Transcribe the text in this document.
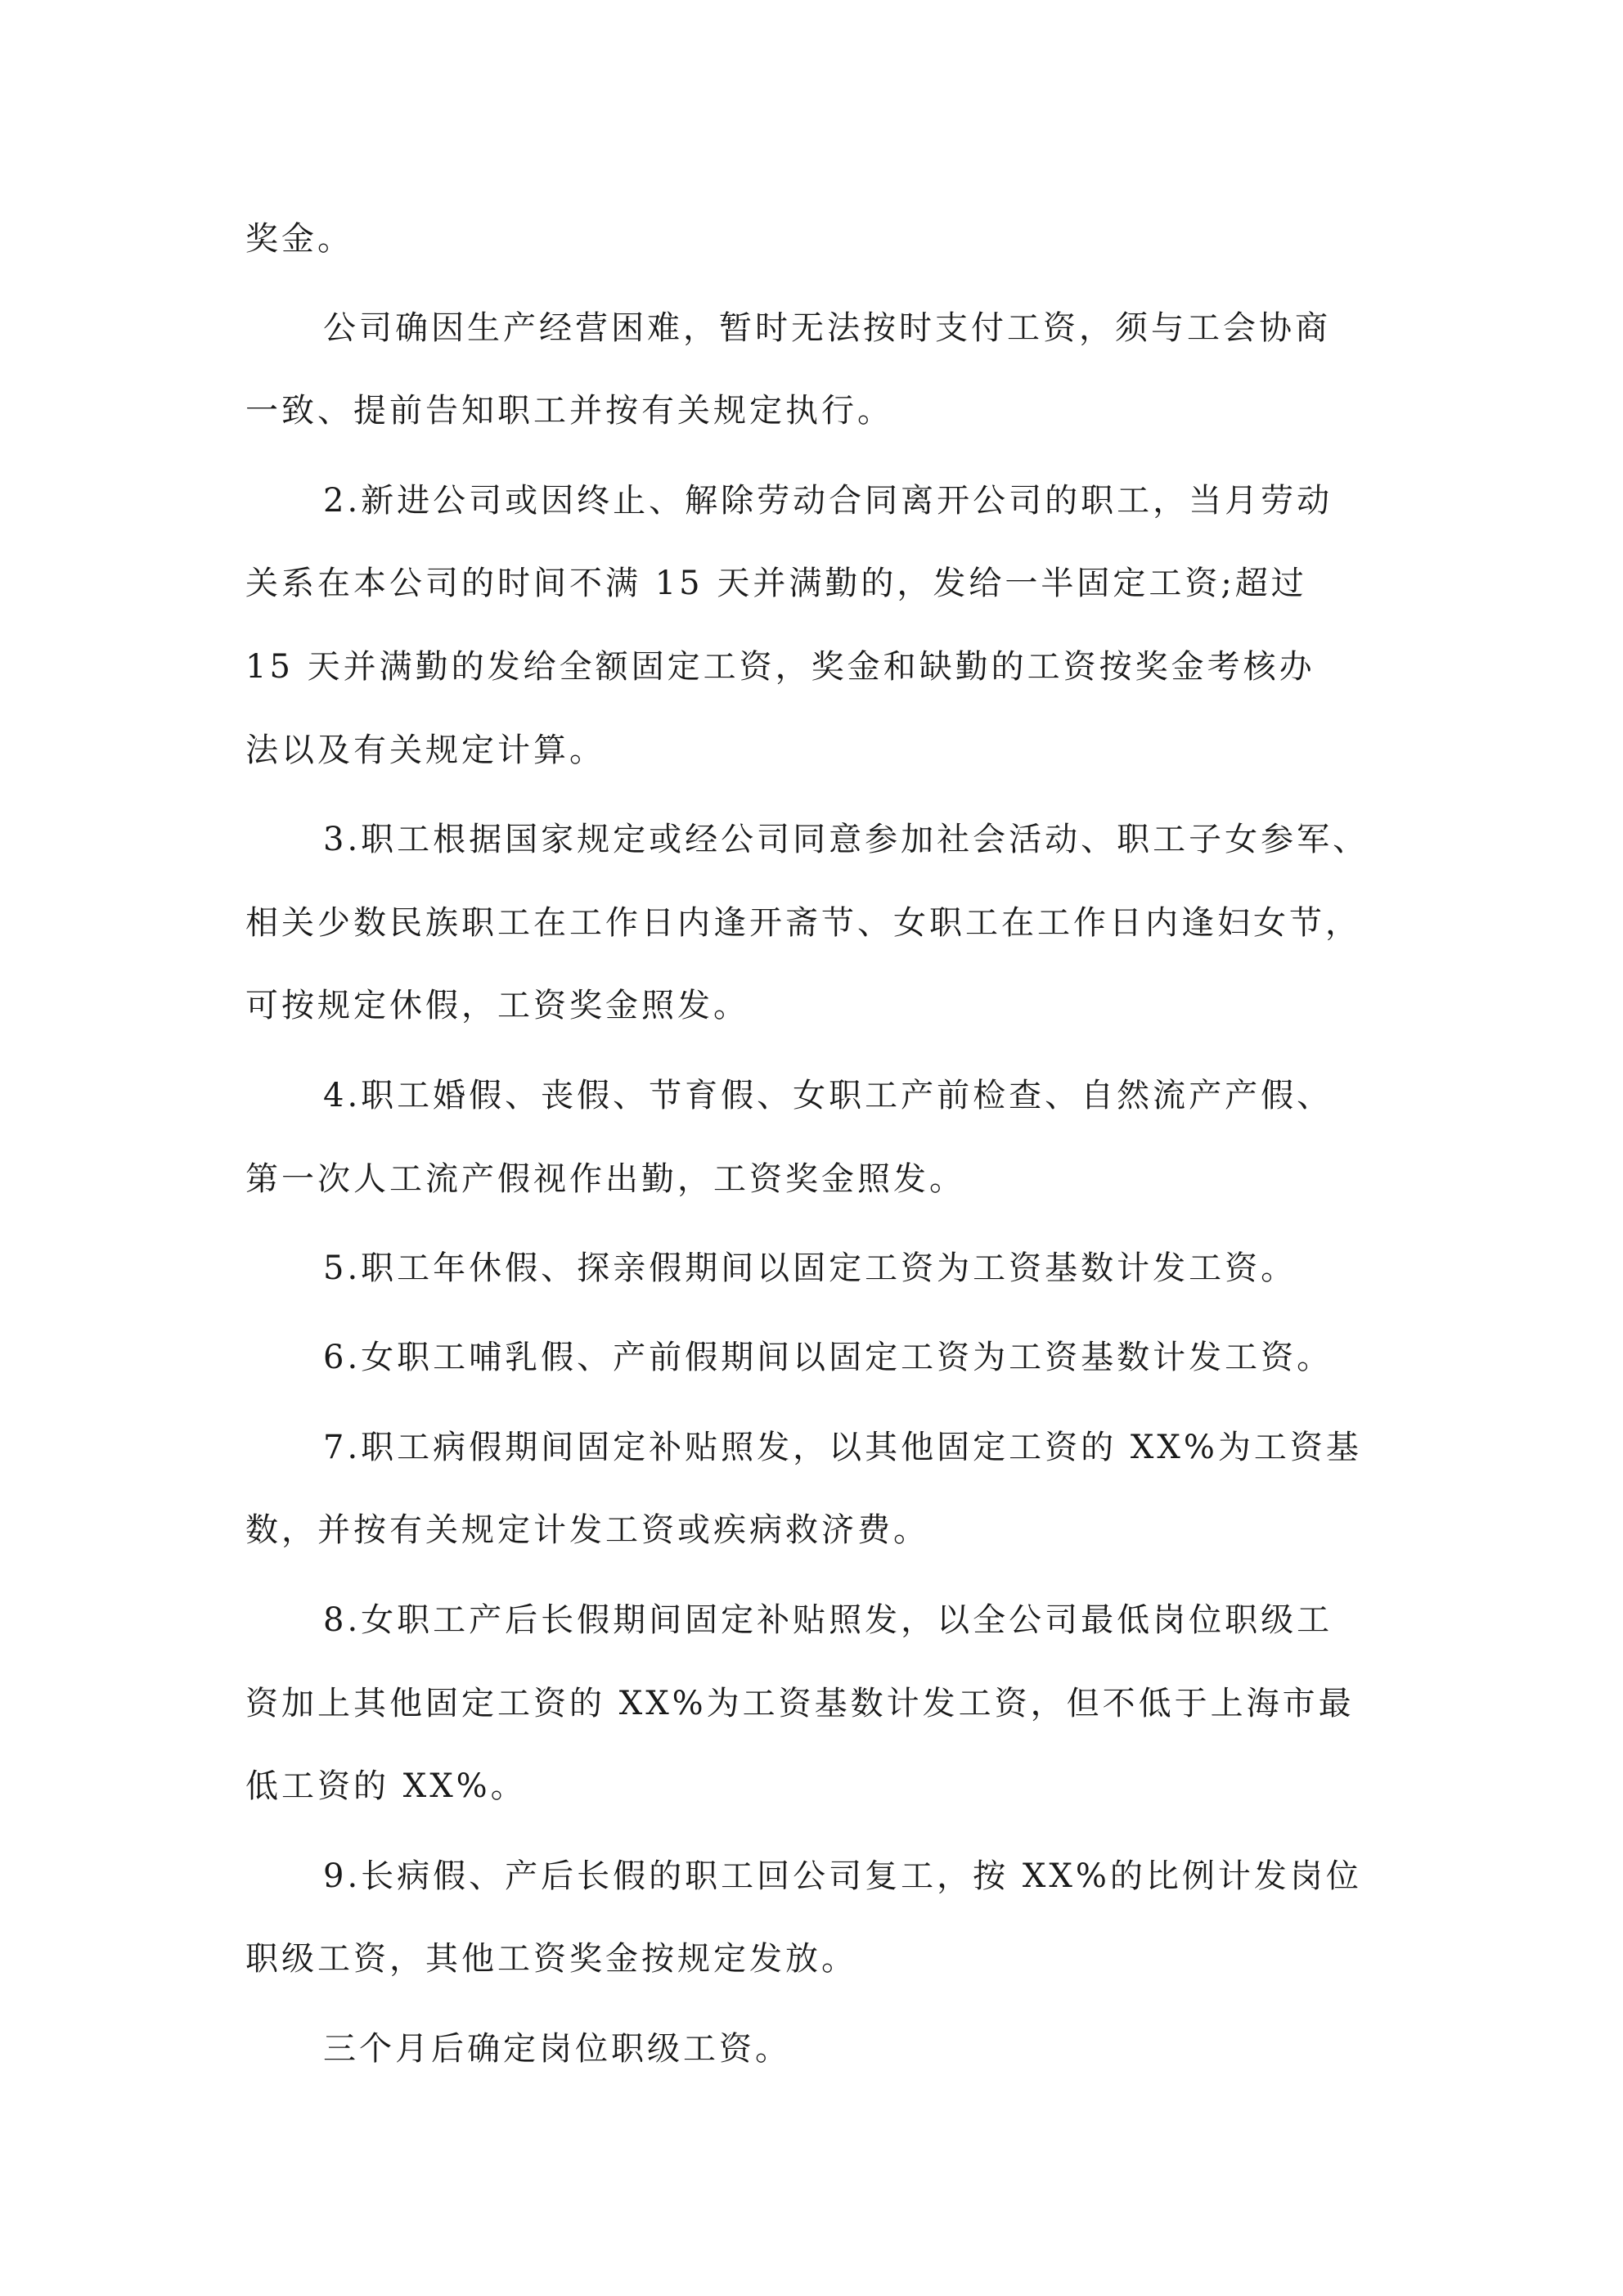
奖金。
公司确因生产经营困难，暂时无法按时支付工资，须与工会协商
一致、提前告知职工并按有关规定执行。
2.新进公司或因终止、解除劳动合同离开公司的职工，当月劳动
关系在本公司的时间不满 15 天并满勤的，发给一半固定工资;超过
15 天并满勤的发给全额固定工资，奖金和缺勤的工资按奖金考核办
法以及有关规定计算。
3.职工根据国家规定或经公司同意参加社会活动、职工子女参军、
相关少数民族职工在工作日内逢开斋节、女职工在工作日内逢妇女节，
可按规定休假，工资奖金照发。
4.职工婚假、丧假、节育假、女职工产前检查、自然流产产假、
第一次人工流产假视作出勤，工资奖金照发。
5.职工年休假、探亲假期间以固定工资为工资基数计发工资。
6.女职工哺乳假、产前假期间以固定工资为工资基数计发工资。
7.职工病假期间固定补贴照发，以其他固定工资的 XX%为工资基
数，并按有关规定计发工资或疾病救济费。
8.女职工产后长假期间固定补贴照发，以全公司最低岗位职级工
资加上其他固定工资的 XX%为工资基数计发工资，但不低于上海市最
低工资的 XX%。
9.长病假、产后长假的职工回公司复工，按 XX%的比例计发岗位
职级工资，其他工资奖金按规定发放。
三个月后确定岗位职级工资。
